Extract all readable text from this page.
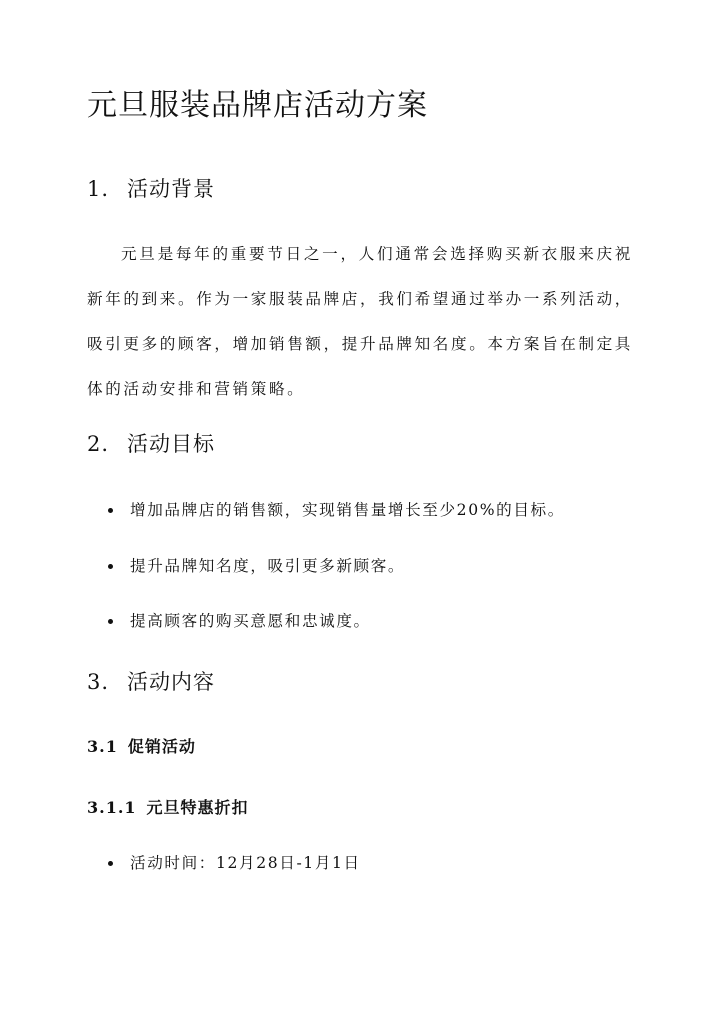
元旦服装品牌店活动方案
1. 活动背景

元旦是每年的重要节日之一，人们通常会选择购买新衣服来庆祝新年的到来。作为一家服装品牌店，我们希望通过举办一系列活动，吸引更多的顾客，增加销售额，提升品牌知名度。本方案旨在制定具体的活动安排和营销策略。

2. 活动目标
增加品牌店的销售额，实现销售量增长至少20%的目标。
提升品牌知名度，吸引更多新顾客。
提高顾客的购买意愿和忠诚度。
3. 活动内容
3.1 促销活动
3.1.1 元旦特惠折扣
活动时间：12月28日-1月1日
